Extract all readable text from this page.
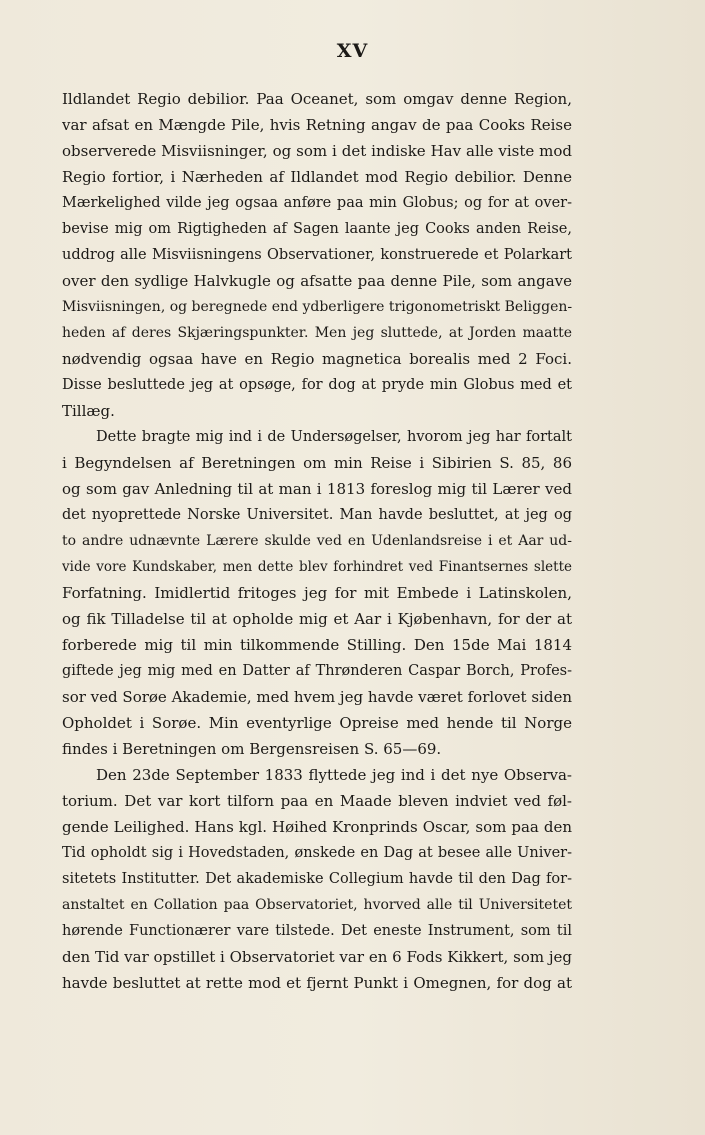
XV
Ildlandet Regio debilior. Paa Oceanet, som omgav denne Region,
var afsat en Mængde Pile, hvis Retning angav de paa Cooks Reise
observerede Misviisninger, og som i det indiske Hav alle viste mod
Regio fortior, i Nærheden af Ildlandet mod Regio debilior. Denne
Mærkelighed vilde jeg ogsaa anføre paa min Globus; og for at over-
bevise mig om Rigtigheden af Sagen laante jeg Cooks anden Reise,
uddrog alle Misviisningens Observationer, konstruerede et Polarkart
over den sydlige Halvkugle og afsatte paa denne Pile, som angave
Misviisningen, og beregnede end ydberligere trigonometriskt Beliggen-
heden af deres Skjæringspunkter. Men jeg sluttede, at Jorden maatte
nødvendig ogsaa have en Regio magnetica borealis med 2 Foci.
Disse besluttede jeg at opsøge, for dog at pryde min Globus med et
Tillæg.
Dette bragte mig ind i de Undersøgelser, hvorom jeg har fortalt
i Begyndelsen af Beretningen om min Reise i Sibirien S. 85, 86
og som gav Anledning til at man i 1813 foreslog mig til Lærer ved
det nyoprettede Norske Universitet. Man havde besluttet, at jeg og
to andre udnævnte Lærere skulde ved en Udenlandsreise i et Aar ud-
vide vore Kundskaber, men dette blev forhindret ved Finantsernes slette
Forfatning. Imidlertid fritoges jeg for mit Embede i Latinskolen,
og fik Tilladelse til at opholde mig et Aar i Kjøbenhavn, for der at
forberede mig til min tilkommende Stilling. Den 15de Mai 1814
giftede jeg mig med en Datter af Thrønderen Caspar Borch, Profes-
sor ved Sorøe Akademie, med hvem jeg havde været forlovet siden
Opholdet i Sorøe. Min eventyrlige Opreise med hende til Norge
findes i Beretningen om Bergensreisen S. 65—69.
Den 23de September 1833 flyttede jeg ind i det nye Observa-
torium. Det var kort tilforn paa en Maade bleven indviet ved føl-
gende Leilighed. Hans kgl. Høihed Kronprinds Oscar, som paa den
Tid opholdt sig i Hovedstaden, ønskede en Dag at besee alle Univer-
sitetets Institutter. Det akademiske Collegium havde til den Dag for-
anstaltet en Collation paa Observatoriet, hvorved alle til Universitetet
hørende Functionærer vare tilstede. Det eneste Instrument, som til
den Tid var opstillet i Observatoriet var en 6 Fods Kikkert, som jeg
havde besluttet at rette mod et fjernt Punkt i Omegnen, for dog at
